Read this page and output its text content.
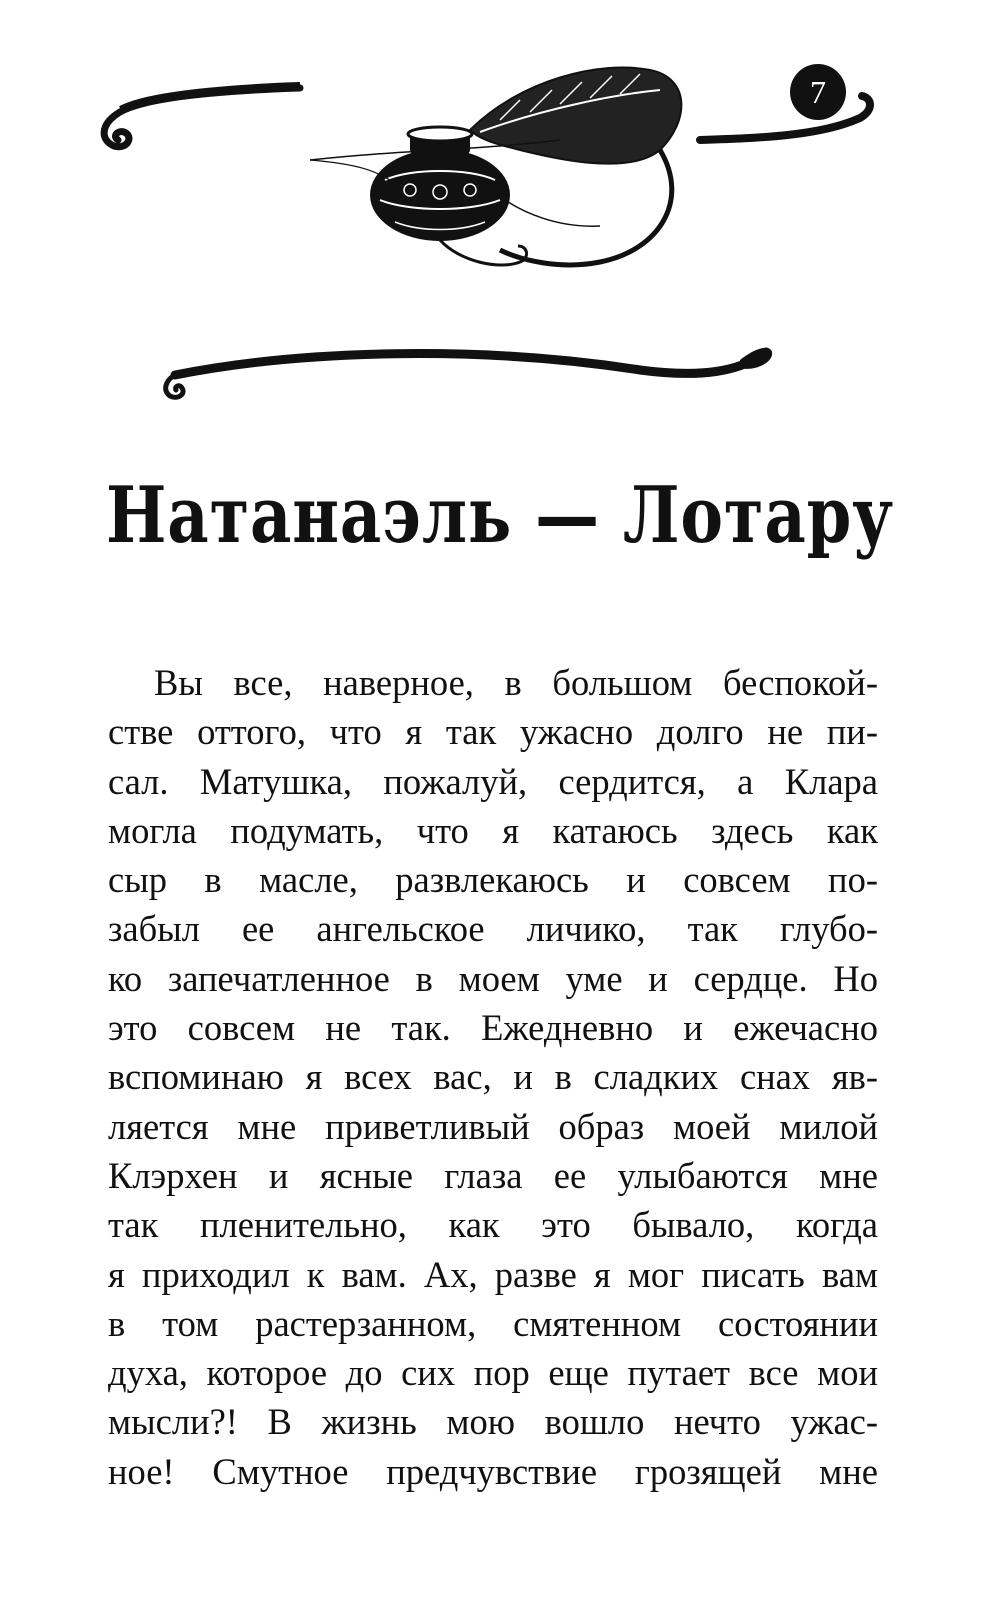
7
Натанаэль — Лотару
Вы все, наверное, в большом беспокой-
стве оттого, что я так ужасно долго не пи-
сал. Матушка, пожалуй, сердится, а Клара
могла подумать, что я катаюсь здесь как
сыр в масле, развлекаюсь и совсем по-
забыл ее ангельское личико, так глубо-
ко запечатленное в моем уме и сердце. Но
это совсем не так. Ежедневно и ежечасно
вспоминаю я всех вас, и в сладких снах яв-
ляется мне приветливый образ моей милой
Клэрхен и ясные глаза ее улыбаются мне
так пленительно, как это бывало, когда
я приходил к вам. Ах, разве я мог писать вам
в том растерзанном, смятенном состоянии
духа, которое до сих пор еще путает все мои
мысли?! В жизнь мою вошло нечто ужас-
ное! Смутное предчувствие грозящей мне
